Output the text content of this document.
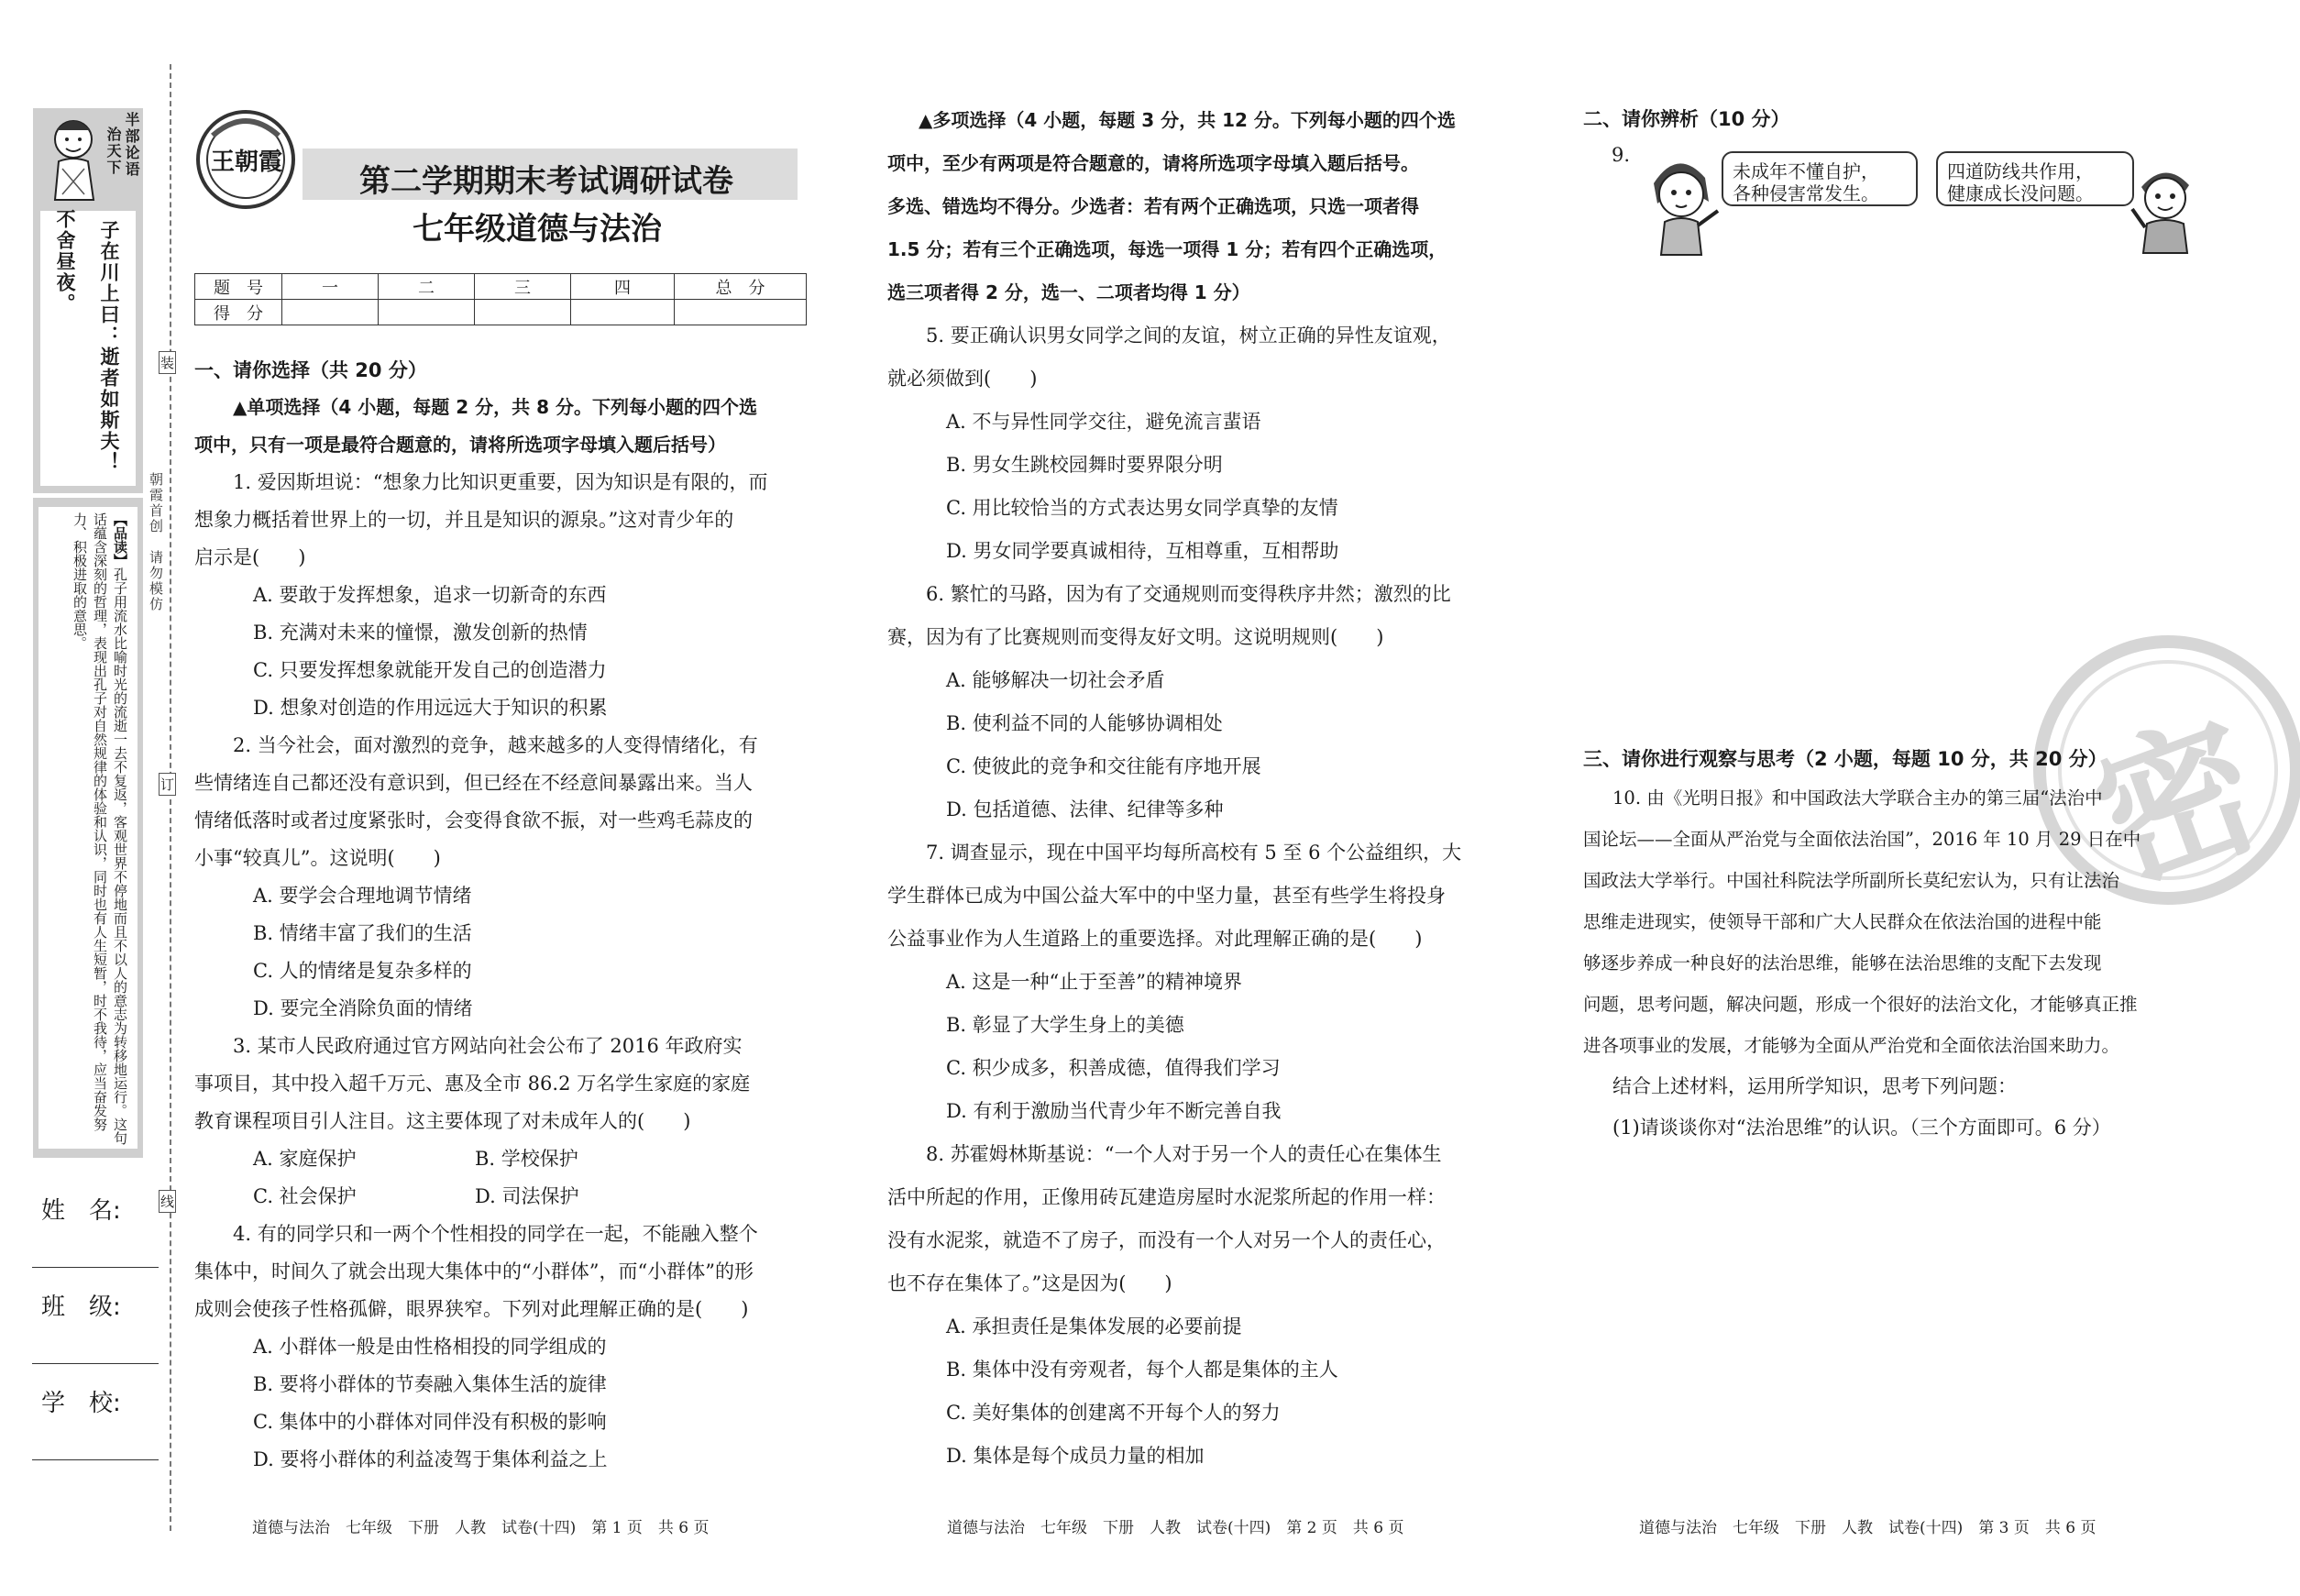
半部论语
治天下
子在川上曰：逝者如斯夫！
不舍昼夜。
【品读】孔子用流水比喻时光的流逝一去不复返，客观世界不停地而且不以人的意志为转移地运行。这句话蕴含深刻的哲理，表现出孔子对自然规律的体验和认识，同时也有人生短暂，时不我待，应当奋发努力、积极进取的意思。
姓　名:
班　级:
学　校:
装
订
线
朝霞首创　请勿模仿
王朝霞
第二学期期末考试调研试卷
七年级道德与法治
题　号	一	二	三	四	总　分
得　分					
一、请你选择（共 20 分）
▲单项选择（4 小题，每题 2 分，共 8 分。下列每小题的四个选
项中，只有一项是最符合题意的，请将所选项字母填入题后括号）
1. 爱因斯坦说：“想象力比知识更重要，因为知识是有限的，而
想象力概括着世界上的一切，并且是知识的源泉。”这对青少年的
启示是(　　)
A. 要敢于发挥想象，追求一切新奇的东西
B. 充满对未来的憧憬，激发创新的热情
C. 只要发挥想象就能开发自己的创造潜力
D. 想象对创造的作用远远大于知识的积累
2. 当今社会，面对激烈的竞争，越来越多的人变得情绪化，有
些情绪连自己都还没有意识到，但已经在不经意间暴露出来。当人
情绪低落时或者过度紧张时，会变得食欲不振，对一些鸡毛蒜皮的
小事“较真儿”。这说明(　　)
A. 要学会合理地调节情绪
B. 情绪丰富了我们的生活
C. 人的情绪是复杂多样的
D. 要完全消除负面的情绪
3. 某市人民政府通过官方网站向社会公布了 2016 年政府实
事项目，其中投入超千万元、惠及全市 86.2 万名学生家庭的家庭
教育课程项目引人注目。这主要体现了对未成年人的(　　)
A. 家庭保护	B. 学校保护
C. 社会保护	D. 司法保护
4. 有的同学只和一两个个性相投的同学在一起，不能融入整个
集体中，时间久了就会出现大集体中的“小群体”，而“小群体”的形
成则会使孩子性格孤僻，眼界狭窄。下列对此理解正确的是(　　)
A. 小群体一般是由性格相投的同学组成的
B. 要将小群体的节奏融入集体生活的旋律
C. 集体中的小群体对同伴没有积极的影响
D. 要将小群体的利益凌驾于集体利益之上
道德与法治　七年级　下册　人教　试卷(十四)　第 1 页　共 6 页
▲多项选择（4 小题，每题 3 分，共 12 分。下列每小题的四个选
项中，至少有两项是符合题意的，请将所选项字母填入题后括号。
多选、错选均不得分。少选者：若有两个正确选项，只选一项者得
1.5 分；若有三个正确选项，每选一项得 1 分；若有四个正确选项，
选三项者得 2 分，选一、二项者均得 1 分）
5. 要正确认识男女同学之间的友谊，树立正确的异性友谊观，
就必须做到(　　)
A. 不与异性同学交往，避免流言蜚语
B. 男女生跳校园舞时要界限分明
C. 用比较恰当的方式表达男女同学真挚的友情
D. 男女同学要真诚相待，互相尊重，互相帮助
6. 繁忙的马路，因为有了交通规则而变得秩序井然；激烈的比
赛，因为有了比赛规则而变得友好文明。这说明规则(　　)
A. 能够解决一切社会矛盾
B. 使利益不同的人能够协调相处
C. 使彼此的竞争和交往能有序地开展
D. 包括道德、法律、纪律等多种
7. 调查显示，现在中国平均每所高校有 5 至 6 个公益组织，大
学生群体已成为中国公益大军中的中坚力量，甚至有些学生将投身
公益事业作为人生道路上的重要选择。对此理解正确的是(　　)
A. 这是一种“止于至善”的精神境界
B. 彰显了大学生身上的美德
C. 积少成多，积善成德，值得我们学习
D. 有利于激励当代青少年不断完善自我
8. 苏霍姆林斯基说：“一个人对于另一个人的责任心在集体生
活中所起的作用，正像用砖瓦建造房屋时水泥浆所起的作用一样：
没有水泥浆，就造不了房子，而没有一个人对另一个人的责任心，
也不存在集体了。”这是因为(　　)
A. 承担责任是集体发展的必要前提
B. 集体中没有旁观者，每个人都是集体的主人
C. 美好集体的创建离不开每个人的努力
D. 集体是每个成员力量的相加
道德与法治　七年级　下册　人教　试卷(十四)　第 2 页　共 6 页
二、请你辨析（10 分）
9.
未成年不懂自护，
各种侵害常发生。
四道防线共作用，
健康成长没问题。
密
三、请你进行观察与思考（2 小题，每题 10 分，共 20 分）
10. 由《光明日报》和中国政法大学联合主办的第三届“法治中
国论坛——全面从严治党与全面依法治国”，2016 年 10 月 29 日在中
国政法大学举行。中国社科院法学所副所长莫纪宏认为，只有让法治
思维走进现实，使领导干部和广大人民群众在依法治国的进程中能
够逐步养成一种良好的法治思维，能够在法治思维的支配下去发现
问题，思考问题，解决问题，形成一个很好的法治文化，才能够真正推
进各项事业的发展，才能够为全面从严治党和全面依法治国来助力。
结合上述材料，运用所学知识，思考下列问题：
(1)请谈谈你对“法治思维”的认识。（三个方面即可。6 分）
道德与法治　七年级　下册　人教　试卷(十四)　第 3 页　共 6 页
